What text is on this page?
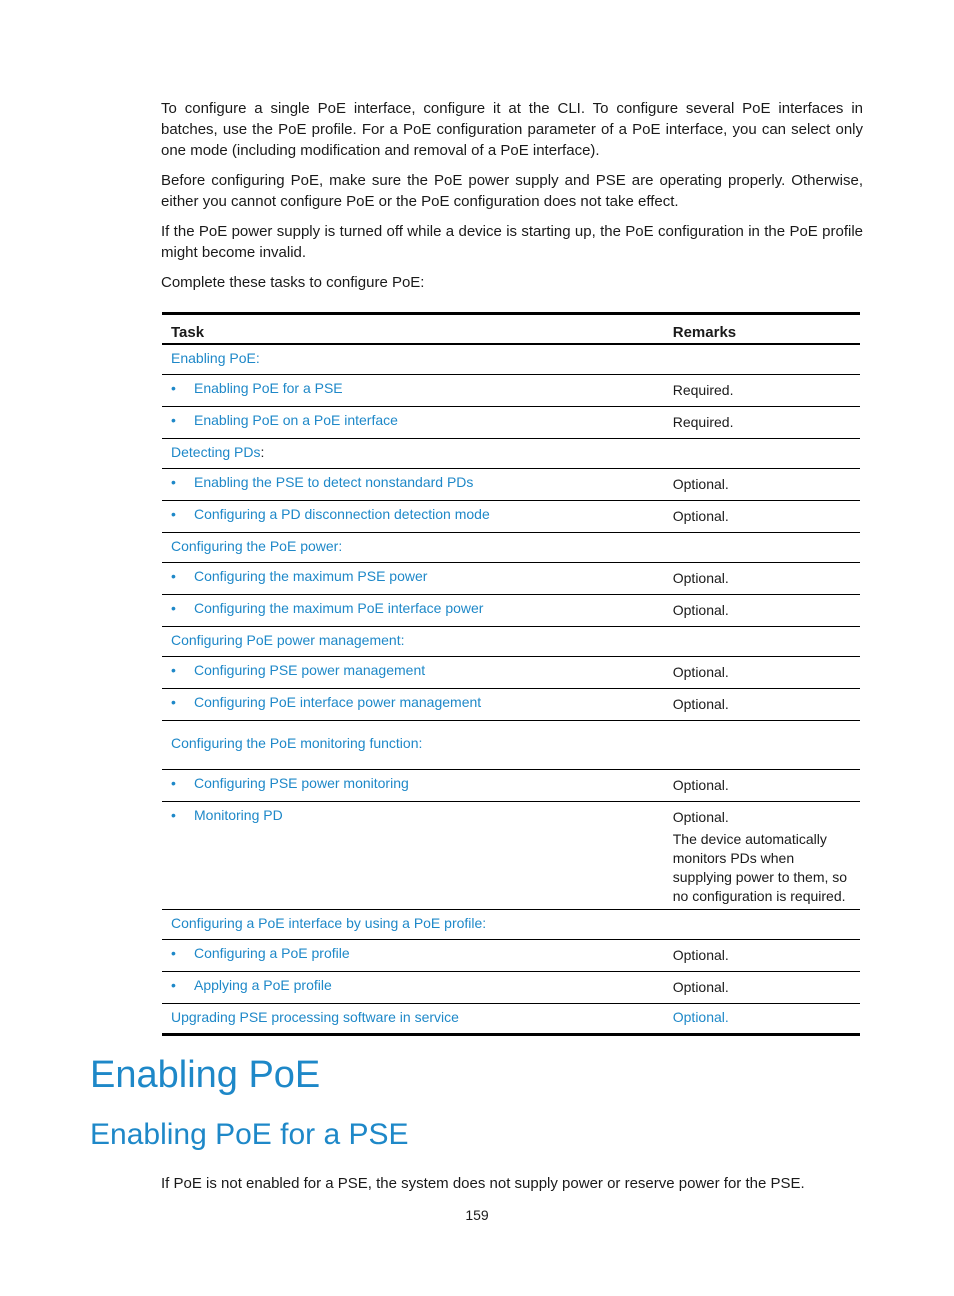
To configure a single PoE interface, configure it at the CLI. To configure several PoE interfaces in batches, use the PoE profile. For a PoE configuration parameter of a PoE interface, you can select only one mode (including modification and removal of a PoE interface).

Before configuring PoE, make sure the PoE power supply and PSE are operating properly. Otherwise, either you cannot configure PoE or the PoE configuration does not take effect.

If the PoE power supply is turned off while a device is starting up, the PoE configuration in the PoE profile might become invalid.

Complete these tasks to configure PoE:

Task	Remarks
Enabling PoE:	

• Enabling PoE for a PSE	Required.

• Enabling PoE on a PoE interface	Required.

Detecting PDs:	

• Enabling the PSE to detect nonstandard PDs	Optional.

• Configuring a PD disconnection detection mode	Optional.

Configuring the PoE power:	

• Configuring the maximum PSE power	Optional.

• Configuring the maximum PoE interface power	Optional.

Configuring PoE power management:	

• Configuring PSE power management	Optional.

• Configuring PoE interface power management	Optional.

Configuring the PoE monitoring function:	

• Configuring PSE power monitoring	Optional.

• Monitoring PD	Optional.
The device automatically monitors PDs when supplying power to them, so no configuration is required.

Configuring a PoE interface by using a PoE profile:	

• Configuring a PoE profile	Optional.

• Applying a PoE profile	Optional.

Upgrading PSE processing software in service	Optional.
Enabling PoE
Enabling PoE for a PSE

If PoE is not enabled for a PSE, the system does not supply power or reserve power for the PSE.

159
